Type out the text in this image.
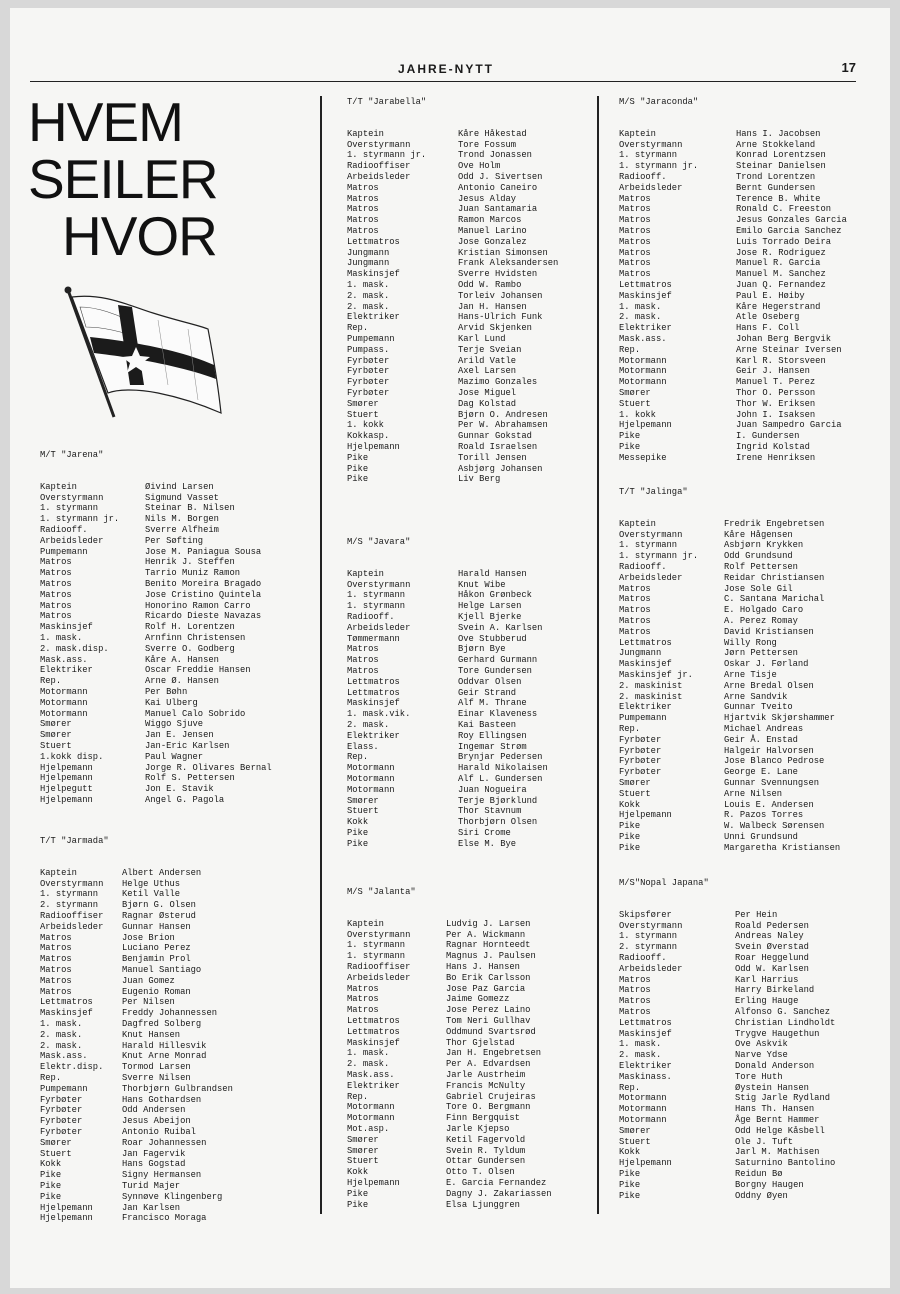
JAHRE-NYTT	17
HVEM
SEILER
HVOR
M/T "Jarena"
Kaptein	Øivind Larsen
Overstyrmann	Sigmund Vasset
1. styrmann	Steinar B. Nilsen
1. styrmann jr.	Nils M. Borgen
Radiooff.	Sverre Alfheim
Arbeidsleder	Per Søfting
Pumpemann	Jose M. Paniagua Sousa
Matros	Henrik J. Steffen
Matros	Tarrio Muniz Ramon
Matros	Benito Moreira Bragado
Matros	Jose Cristino Quintela
Matros	Honorino Ramon Carro
Matros	Ricardo Dieste Navazas
Maskinsjef	Rolf H. Lorentzen
1. mask.	Arnfinn Christensen
2. mask.disp.	Sverre O. Godberg
Mask.ass.	Kåre A. Hansen
Elektriker	Oscar Freddie Hansen
Rep.	Arne Ø. Hansen
Motormann	Per Bøhn
Motormann	Kai Ulberg
Motormann	Manuel Calo Sobrido
Smører	Wiggo Sjuve
Smører	Jan E. Jensen
Stuert	Jan-Eric Karlsen
1.kokk disp.	Paul Wagner
Hjelpemann	Jorge R. Olivares Bernal
Hjelpemann	Rolf S. Pettersen
Hjelpegutt	Jon E. Stavik
Hjelpemann	Angel G. Pagola
T/T "Jarmada"
Kaptein	Albert Andersen
Overstyrmann	Helge Uthus
1. styrmann	Ketil Valle
2. styrmann	Bjørn G. Olsen
Radiooffiser	Ragnar Østerud
Arbeidsleder	Gunnar Hansen
Matros	Jose Brion
Matros	Luciano Perez
Matros	Benjamin Prol
Matros	Manuel Santiago
Matros	Juan Gomez
Matros	Eugenio Roman
Lettmatros	Per Nilsen
Maskinsjef	Freddy Johannessen
1. mask.	Dagfred Solberg
2. mask.	Knut Hansen
2. mask.	Harald Hillesvik
Mask.ass.	Knut Arne Monrad
Elektr.disp.	Tormod Larsen
Rep.	Sverre Nilsen
Pumpemann	Thorbjørn Gulbrandsen
Fyrbøter	Hans Gothardsen
Fyrbøter	Odd Andersen
Fyrbøter	Jesus Abeijon
Fyrbøter	Antonio Ruibal
Smører	Roar Johannessen
Stuert	Jan Fagervik
Kokk	Hans Gogstad
Pike	Signy Hermansen
Pike	Turid Majer
Pike	Synnøve Klingenberg
Hjelpemann	Jan Karlsen
Hjelpemann	Francisco Moraga
T/T "Jarabella"
Kaptein	Kåre Håkestad
Overstyrmann	Tore Fossum
1. styrmann jr.	Trond Jonassen
Radiooffiser	Ove Holm
Arbeidsleder	Odd J. Sivertsen
Matros	Antonio Caneiro
Matros	Jesus Alday
Matros	Juan Santamaria
Matros	Ramon Marcos
Matros	Manuel Larino
Lettmatros	Jose Gonzalez
Jungmann	Kristian Simonsen
Jungmann	Frank Aleksandersen
Maskinsjef	Sverre Hvidsten
1. mask.	Odd W. Rambo
2. mask.	Torleiv Johansen
2. mask.	Jan H. Hansen
Elektriker	Hans-Ulrich Funk
Rep.	Arvid Skjenken
Pumpemann	Karl Lund
Pumpass.	Terje Sveian
Fyrbøter	Arild Vatle
Fyrbøter	Axel Larsen
Fyrbøter	Mazimo Gonzales
Fyrbøter	Jose Miguel
Smører	Dag Kolstad
Stuert	Bjørn O. Andresen
1. kokk	Per W. Abrahamsen
Kokkasp.	Gunnar Gokstad
Hjelpemann	Roald Israelsen
Pike	Torill Jensen
Pike	Asbjørg Johansen
Pike	Liv Berg
M/S "Javara"
Kaptein	Harald Hansen
Overstyrmann	Knut Wibe
1. styrmann	Håkon Grønbeck
1. styrmann	Helge Larsen
Radiooff.	Kjell Bjerke
Arbeidsleder	Svein A. Karlsen
Tømmermann	Ove Stubberud
Matros	Bjørn Bye
Matros	Gerhard Gurmann
Matros	Tore Gundersen
Lettmatros	Oddvar Olsen
Lettmatros	Geir Strand
Maskinsjef	Alf M. Thrane
1. mask.vik.	Einar Klaveness
2. mask.	Kai Basteen
Elektriker	Roy Ellingsen
Elass.	Ingemar Strøm
Rep.	Brynjar Pedersen
Motormann	Harald Nikolaisen
Motormann	Alf L. Gundersen
Motormann	Juan Nogueira
Smører	Terje Bjørklund
Stuert	Thor Stavnum
Kokk	Thorbjørn Olsen
Pike	Siri Crome
Pike	Else M. Bye
M/S "Jalanta"
Kaptein	Ludvig J. Larsen
Overstyrmann	Per A. Wickmann
1. styrmann	Ragnar Hornteedt
1. styrmann	Magnus J. Paulsen
Radiooffiser	Hans J. Hansen
Arbeidsleder	Bo Erik Carlsson
Matros	Jose Paz Garcia
Matros	Jaime Gomezz
Matros	Jose Perez Laino
Lettmatros	Tom Neri Gullhav
Lettmatros	Oddmund Svartsrød
Maskinsjef	Thor Gjelstad
1. mask.	Jan H. Engebretsen
2. mask.	Per A. Edvardsen
Mask.ass.	Jarle Austrheim
Elektriker	Francis McNulty
Rep.	Gabriel Crujeiras
Motormann	Tore O. Bergmann
Motormann	Finn Bergquist
Mot.asp.	Jarle Kjepso
Smører	Ketil Fagervold
Smører	Svein R. Tyldum
Stuert	Ottar Gundersen
Kokk	Otto T. Olsen
Hjelpemann	E. Garcia Fernandez
Pike	Dagny J. Zakariassen
Pike	Elsa Ljunggren
M/S "Jaraconda"
Kaptein	Hans I. Jacobsen
Overstyrmann	Arne Stokkeland
1. styrmann	Konrad Lorentzsen
1. styrmann jr.	Steinar Danielsen
Radiooff.	Trond Lorentzen
Arbeidsleder	Bernt Gundersen
Matros	Terence B. White
Matros	Ronald C. Freeston
Matros	Jesus Gonzales Garcia
Matros	Emilo Garcia Sanchez
Matros	Luis Torrado Deira
Matros	Jose R. Rodriguez
Matros	Manuel R. Garcia
Matros	Manuel M. Sanchez
Lettmatros	Juan Q. Fernandez
Maskinsjef	Paul E. Høiby
1. mask.	Kåre Hegerstrand
2. mask.	Atle Oseberg
Elektriker	Hans F. Coll
Mask.ass.	Johan Berg Bergvik
Rep.	Arne Steinar Iversen
Motormann	Karl R. Storsveen
Motormann	Geir J. Hansen
Motormann	Manuel T. Perez
Smører	Thor O. Persson
Stuert	Thor W. Eriksen
1. kokk	John I. Isaksen
Hjelpemann	Juan Sampedro Garcia
Pike	I. Gundersen
Pike	Ingrid Kolstad
Messepike	Irene Henriksen
T/T "Jalinga"
Kaptein	Fredrik Engebretsen
Overstyrmann	Kåre Hågensen
1. styrmann	Asbjørn Krykken
1. styrmann jr.	Odd Grundsund
Radiooff.	Rolf Pettersen
Arbeidsleder	Reidar Christiansen
Matros	Jose Sole Gil
Matros	C. Santana Marichal
Matros	E. Holgado Caro
Matros	A. Perez Romay
Matros	David Kristiansen
Lettmatros	Willy Rong
Jungmann	Jørn Pettersen
Maskinsjef	Oskar J. Førland
Maskinsjef jr.	Arne Tisje
2. maskinist	Arne Bredal Olsen
2. maskinist	Arne Sandvik
Elektriker	Gunnar Tveito
Pumpemann	Hjartvik Skjørshammer
Rep.	Michael Andreas
Fyrbøter	Geir Å. Enstad
Fyrbøter	Halgeir Halvorsen
Fyrbøter	Jose Blanco Pedrose
Fyrbøter	George E. Lane
Smører	Gunnar Svennungsen
Stuert	Arne Nilsen
Kokk	Louis E. Andersen
Hjelpemann	R. Pazos Torres
Pike	W. Walbeck Sørensen
Pike	Unni Grundsund
Pike	Margaretha Kristiansen
M/S"Nopal Japana"
Skipsfører	Per Hein
Overstyrmann	Roald Pedersen
1. styrmann	Andreas Naley
2. styrmann	Svein Øverstad
Radiooff.	Roar Heggelund
Arbeidsleder	Odd W. Karlsen
Matros	Karl Harrius
Matros	Harry Birkeland
Matros	Erling Hauge
Matros	Alfonso G. Sanchez
Lettmatros	Christian Lindholdt
Maskinsjef	Trygve Haugethun
1. mask.	Ove Askvik
2. mask.	Narve Ydse
Elektriker	Donald Anderson
Maskinass.	Tore Huth
Rep.	Øystein Hansen
Motormann	Stig Jarle Rydland
Motormann	Hans Th. Hansen
Motormann	Åge Bernt Hammer
Smører	Odd Helge Kåsbell
Stuert	Ole J. Tuft
Kokk	Jarl M. Mathisen
Hjelpemann	Saturnino Bantolino
Pike	Reidun Bø
Pike	Borgny Haugen
Pike	Oddny Øyen
